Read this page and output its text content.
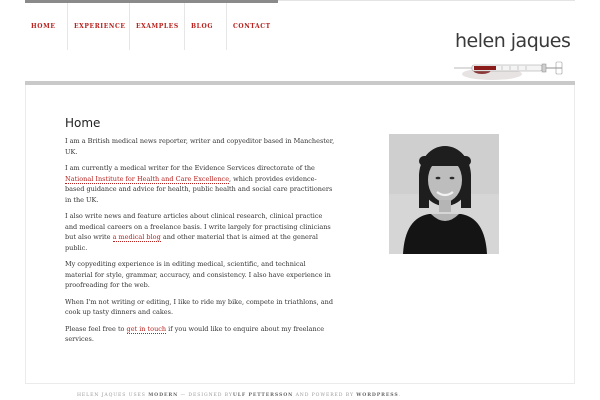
HOME	EXPERIENCE	EXAMPLES	BLOG	CONTACT
helen jaques
Home

I am a British medical news reporter, writer and copyeditor based in Manchester, UK.

I am currently a medical writer for the Evidence Services directorate of the National Institute for Health and Care Excellence, which provides evidence-based guidance and advice for health, public health and social care practitioners in the UK.

I also write news and feature articles about clinical research, clinical practice and medical careers on a freelance basis. I write largely for practising clinicians but also write a medical blog and other material that is aimed at the general public.

My copyediting experience is in editing medical, scientific, and technical material for style, grammar, accuracy, and consistency. I also have experience in proofreading for the web.

When I'm not writing or editing, I like to ride my bike, compete in triathlons, and cook up tasty dinners and cakes.

Please feel free to get in touch if you would like to enquire about my freelance services.

HELEN JAQUES USES MODERN — DESIGNED BYULF PETTERSSON AND POWERED BY WORDPRESS.
